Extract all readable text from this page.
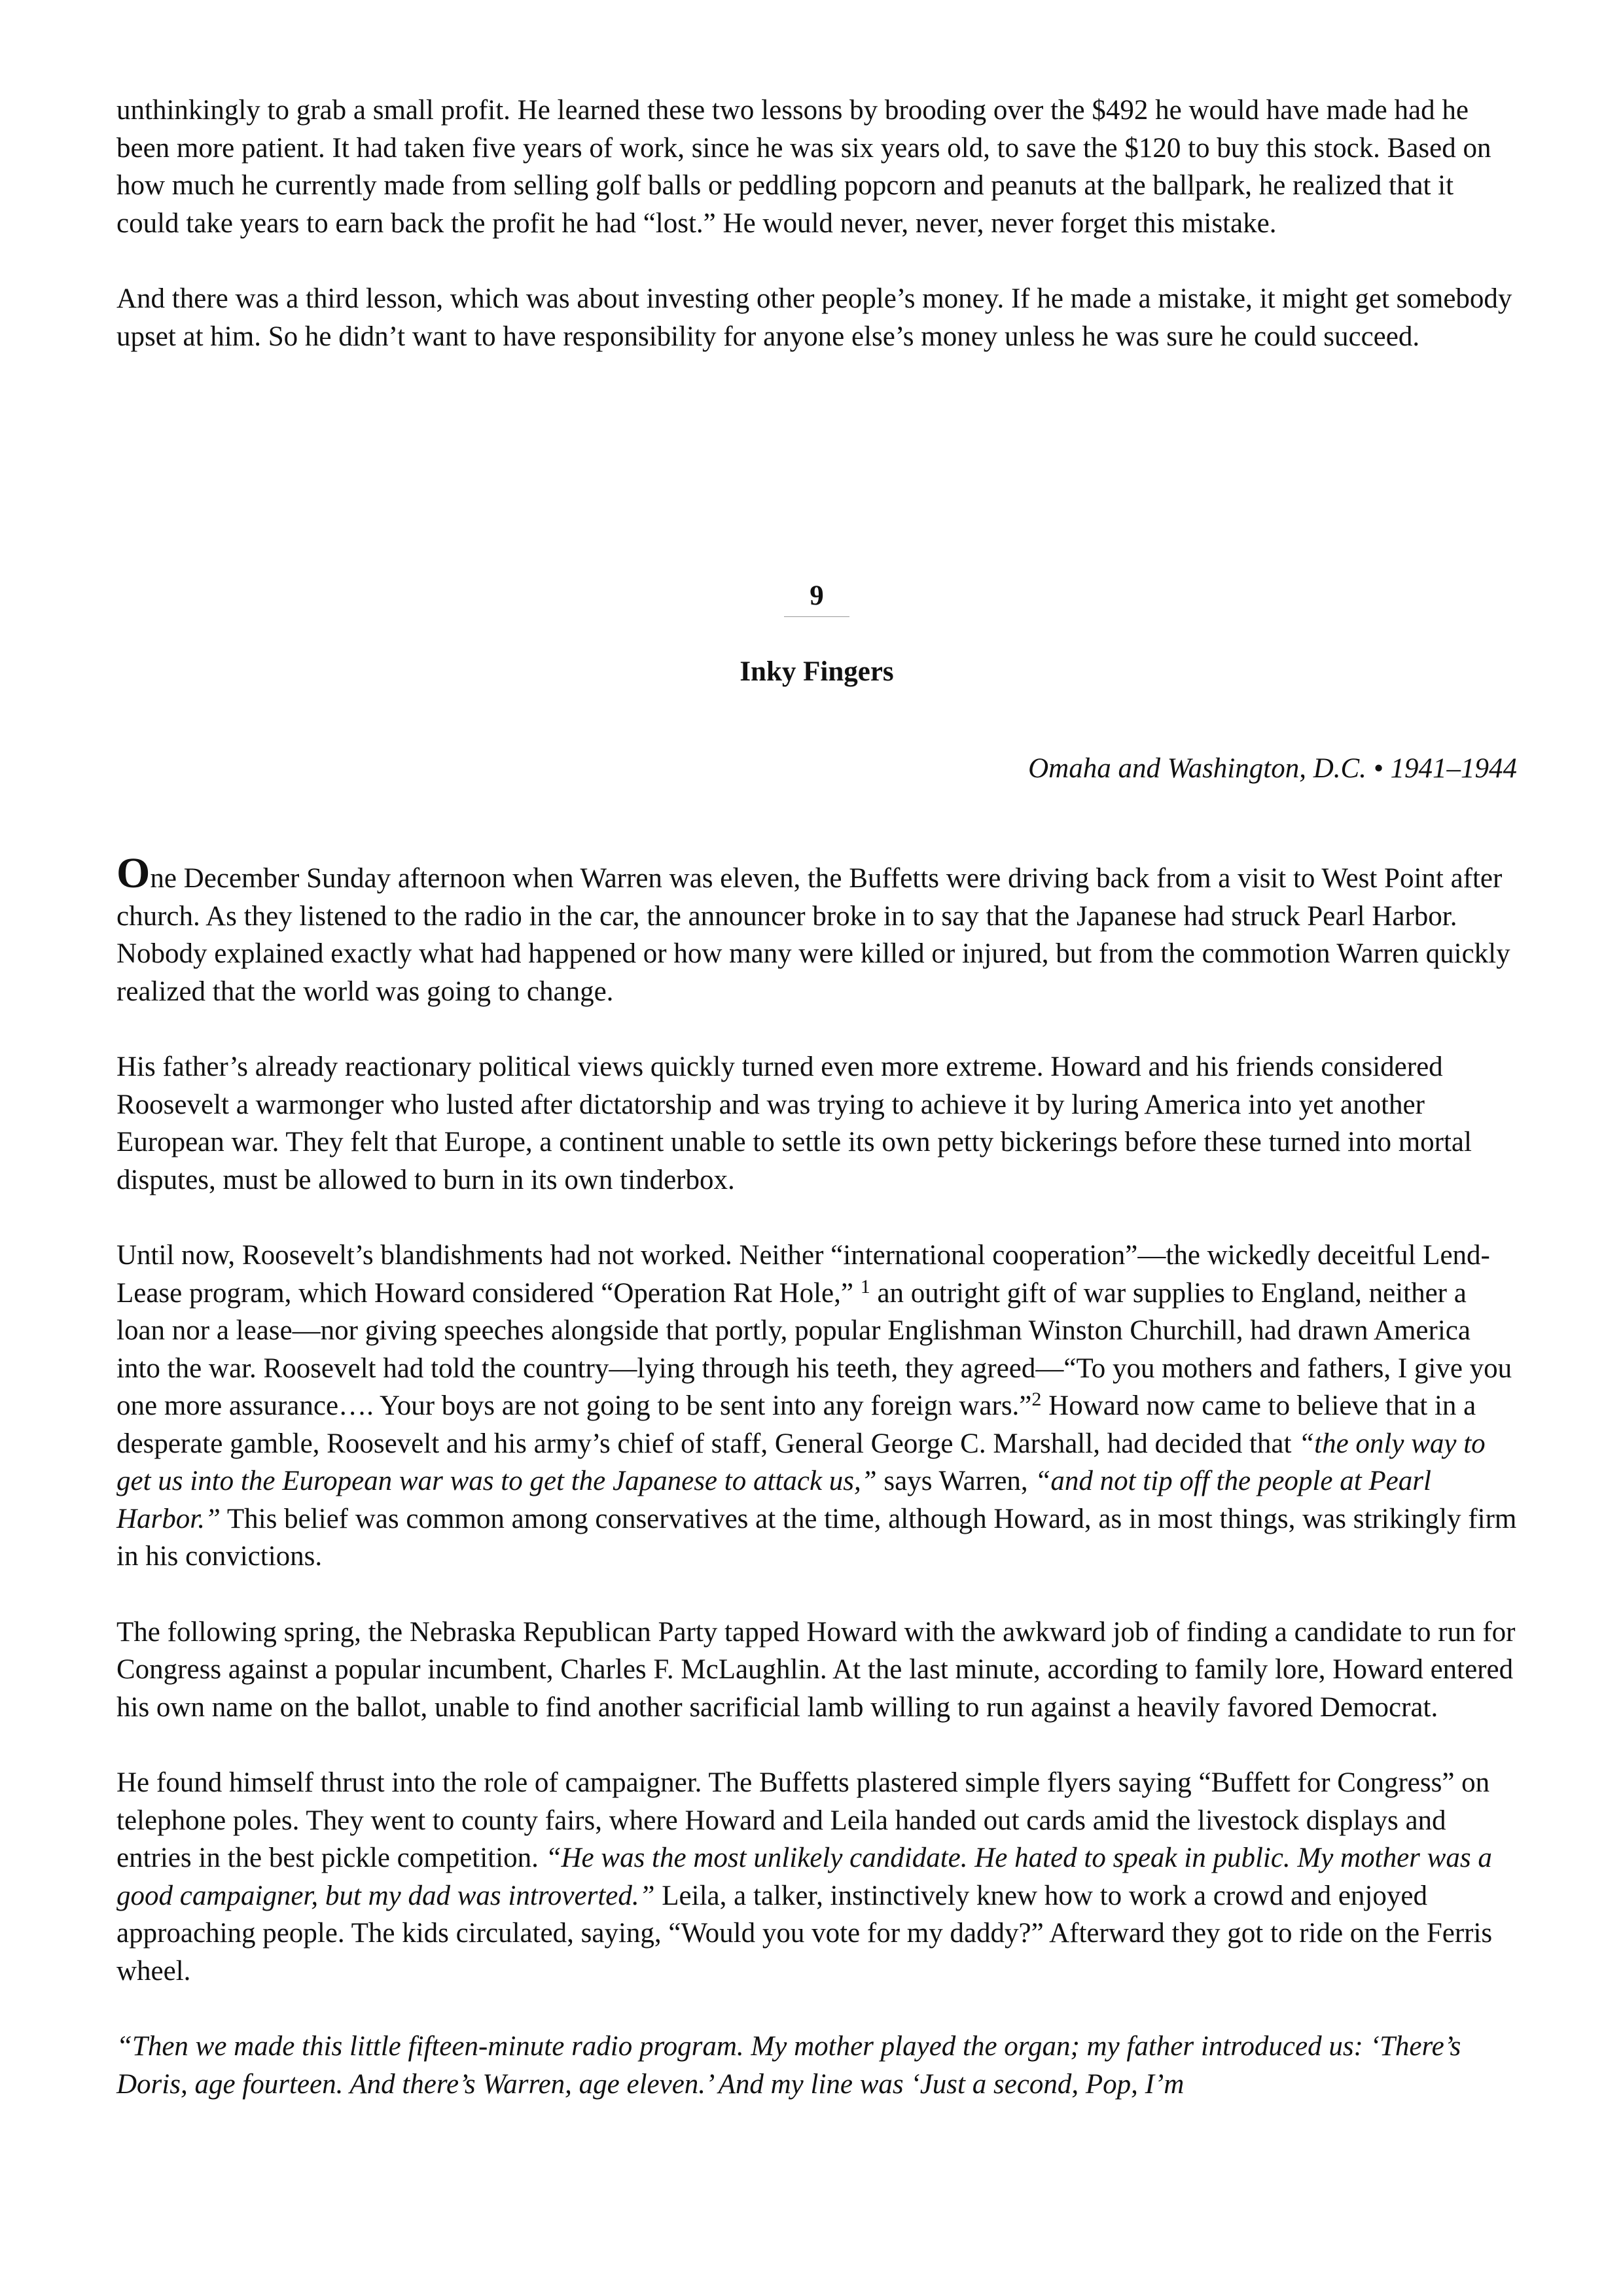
unthinkingly to grab a small profit. He learned these two lessons by brooding over the $492 he would have made had he been more patient. It had taken five years of work, since he was six years old, to save the $120 to buy this stock. Based on how much he currently made from selling golf balls or peddling popcorn and peanuts at the ballpark, he realized that it could take years to earn back the profit he had “lost.” He would never, never, never forget this mistake.

And there was a third lesson, which was about investing other people’s money. If he made a mistake, it might get somebody upset at him. So he didn’t want to have responsibility for anyone else’s money unless he was sure he could succeed.

9
Inky Fingers
Omaha and Washington, D.C. • 1941–1944

One December Sunday afternoon when Warren was eleven, the Buffetts were driving back from a visit to West Point after church. As they listened to the radio in the car, the announcer broke in to say that the Japanese had struck Pearl Harbor. Nobody explained exactly what had happened or how many were killed or injured, but from the commotion Warren quickly realized that the world was going to change.

His father’s already reactionary political views quickly turned even more extreme. Howard and his friends considered Roosevelt a warmonger who lusted after dictatorship and was trying to achieve it by luring America into yet another European war. They felt that Europe, a continent unable to settle its own petty bickerings before these turned into mortal disputes, must be allowed to burn in its own tinderbox.

Until now, Roosevelt’s blandishments had not worked. Neither “international cooperation”—the wickedly deceitful Lend-Lease program, which Howard considered “Operation Rat Hole,” $^1$ an outright gift of war supplies to England, neither a loan nor a lease—nor giving speeches alongside that portly, popular Englishman Winston Churchill, had drawn America into the war. Roosevelt had told the country—lying through his teeth, they agreed—“To you mothers and fathers, I give you one more assurance…. Your boys are not going to be sent into any foreign wars.”$^2$ Howard now came to believe that in a desperate gamble, Roosevelt and his army’s chief of staff, General George C. Marshall, had decided that “the only way to get us into the European war was to get the Japanese to attack us,” says Warren, “and not tip off the people at Pearl Harbor.” This belief was common among conservatives at the time, although Howard, as in most things, was strikingly firm in his convictions.

The following spring, the Nebraska Republican Party tapped Howard with the awkward job of finding a candidate to run for Congress against a popular incumbent, Charles F. McLaughlin. At the last minute, according to family lore, Howard entered his own name on the ballot, unable to find another sacrificial lamb willing to run against a heavily favored Democrat.

He found himself thrust into the role of campaigner. The Buffetts plastered simple flyers saying “Buffett for Congress” on telephone poles. They went to county fairs, where Howard and Leila handed out cards amid the livestock displays and entries in the best pickle competition. “He was the most unlikely candidate. He hated to speak in public. My mother was a good campaigner, but my dad was introverted.” Leila, a talker, instinctively knew how to work a crowd and enjoyed approaching people. The kids circulated, saying, “Would you vote for my daddy?” Afterward they got to ride on the Ferris wheel.

“Then we made this little fifteen-minute radio program. My mother played the organ; my father introduced us: ‘There’s Doris, age fourteen. And there’s Warren, age eleven.’ And my line was ‘Just a second, Pop, I’m
